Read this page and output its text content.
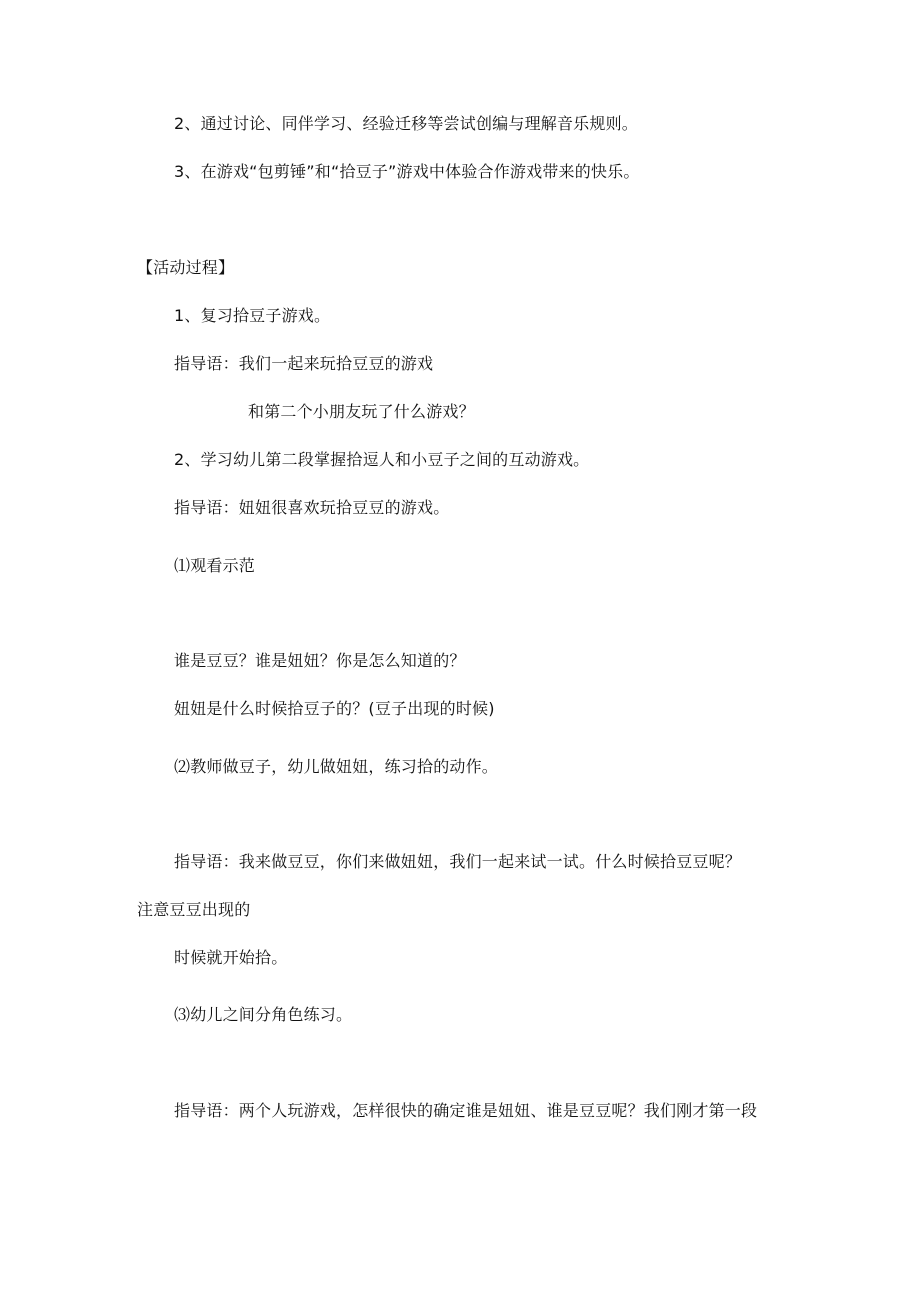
2、通过讨论、同伴学习、经验迁移等尝试创编与理解音乐规则。
3、在游戏“包剪锤”和“拾豆子”游戏中体验合作游戏带来的快乐。
【活动过程】
1、复习拾豆子游戏。
指导语：我们一起来玩拾豆豆的游戏
和第二个小朋友玩了什么游戏？
2、学习幼儿第二段掌握拾逗人和小豆子之间的互动游戏。
指导语：妞妞很喜欢玩拾豆豆的游戏。
⑴观看示范
谁是豆豆？谁是妞妞？你是怎么知道的？
妞妞是什么时候拾豆子的？(豆子出现的时候)
⑵教师做豆子，幼儿做妞妞，练习拾的动作。
指导语：我来做豆豆，你们来做妞妞，我们一起来试一试。什么时候拾豆豆呢？
注意豆豆出现的
时候就开始拾。
⑶幼儿之间分角色练习。
指导语：两个人玩游戏，怎样很快的确定谁是妞妞、谁是豆豆呢？我们刚才第一段
